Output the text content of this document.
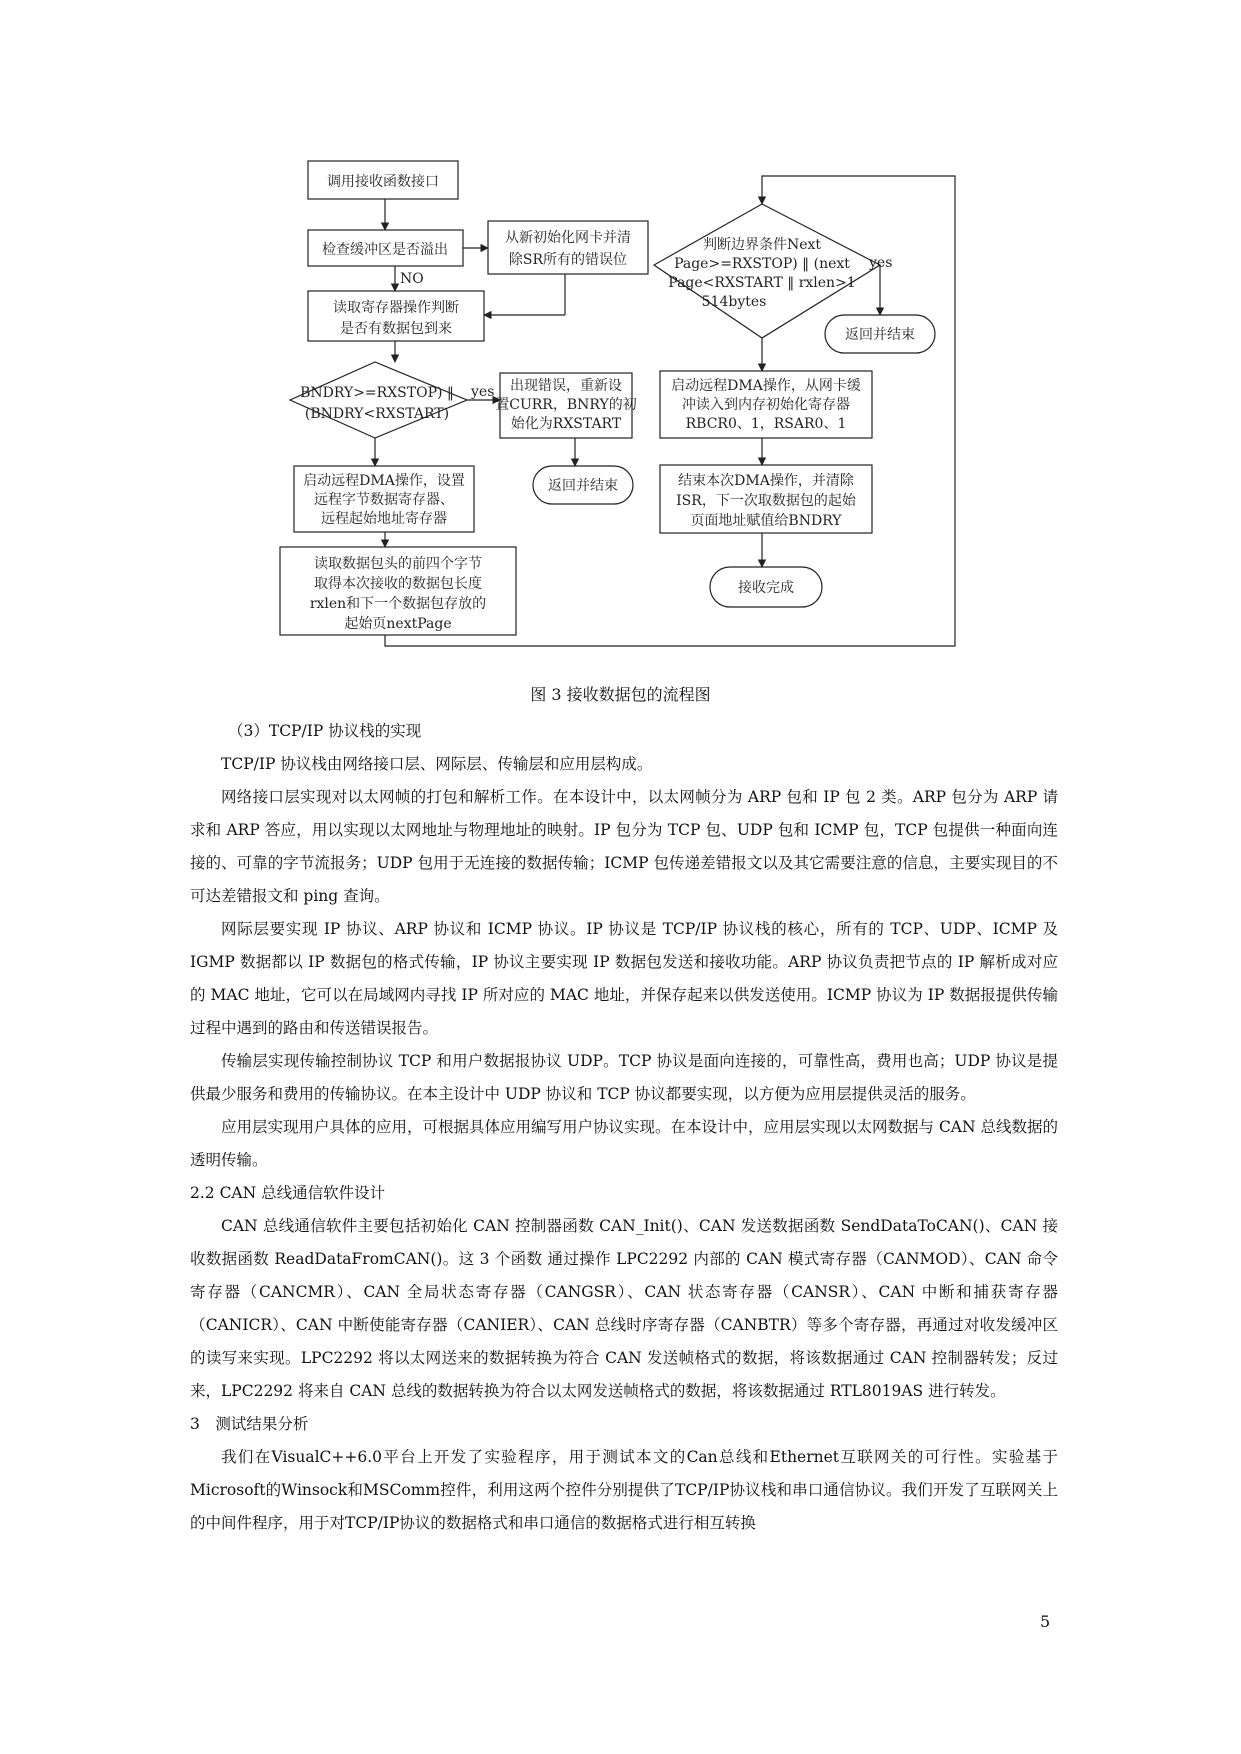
调用接收函数接口
检查缓冲区是否溢出
从新初始化网卡并清
除SR所有的错误位
读取寄存器操作判断
是否有数据包到来
BNDRY>=RXSTOP) ‖
(BNDRY<RXSTART)
出现错误，重新设
置CURR，BNRY的初
始化为RXSTART
返回并结束
启动远程DMA操作，设置
远程字节数据寄存器、
远程起始地址寄存器
读取数据包头的前四个字节
取得本次接收的数据包长度
rxlen和下一个数据包存放的
起始页nextPage
判断边界条件Next
Page>=RXSTOP) ‖ (next
Page<RXSTART ‖ rxlen>1
514bytes
返回并结束
启动远程DMA操作，从网卡缓
冲读入到内存初始化寄存器
RBCR0、1，RSAR0、1
结束本次DMA操作，并清除
ISR，下一次取数据包的起始
页面地址赋值给BNDRY
接收完成
NO
yes
yes
图 3 接收数据包的流程图

（3）TCP/IP 协议栈的实现

TCP/IP 协议栈由网络接口层、网际层、传输层和应用层构成。

网络接口层实现对以太网帧的打包和解析工作。在本设计中，以太网帧分为 ARP 包和 IP 包 2 类。ARP 包分为 ARP 请求和 ARP 答应，用以实现以太网地址与物理地址的映射。IP 包分为 TCP 包、UDP 包和 ICMP 包，TCP 包提供一种面向连接的、可靠的字节流报务；UDP 包用于无连接的数据传输；ICMP 包传递差错报文以及其它需要注意的信息，主要实现目的不可达差错报文和 ping 查询。

网际层要实现 IP 协议、ARP 协议和 ICMP 协议。IP 协议是 TCP/IP 协议栈的核心，所有的 TCP、UDP、ICMP 及 IGMP 数据都以 IP 数据包的格式传输，IP 协议主要实现 IP 数据包发送和接收功能。ARP 协议负责把节点的 IP 解析成对应的 MAC 地址，它可以在局域网内寻找 IP 所对应的 MAC 地址，并保存起来以供发送使用。ICMP 协议为 IP 数据报提供传输过程中遇到的路由和传送错误报告。

传输层实现传输控制协议 TCP 和用户数据报协议 UDP。TCP 协议是面向连接的，可靠性高，费用也高；UDP 协议是提供最少服务和费用的传输协议。在本主设计中 UDP 协议和 TCP 协议都要实现，以方便为应用层提供灵活的服务。

应用层实现用户具体的应用，可根据具体应用编写用户协议实现。在本设计中，应用层实现以太网数据与 CAN 总线数据的透明传输。

2.2 CAN 总线通信软件设计

CAN 总线通信软件主要包括初始化 CAN 控制器函数 CAN_Init()、CAN 发送数据函数 SendDataToCAN()、CAN 接收数据函数 ReadDataFromCAN()。这 3 个函数 通过操作 LPC2292 内部的 CAN 模式寄存器（CANMOD）、CAN 命令寄存器（CANCMR）、CAN 全局状态寄存器（CANGSR）、CAN 状态寄存器（CANSR）、CAN 中断和捕获寄存器（CANICR）、CAN 中断使能寄存器（CANIER）、CAN 总线时序寄存器（CANBTR）等多个寄存器，再通过对收发缓冲区的读写来实现。LPC2292 将以太网送来的数据转换为符合 CAN 发送帧格式的数据，将该数据通过 CAN 控制器转发；反过来，LPC2292 将来自 CAN 总线的数据转换为符合以太网发送帧格式的数据，将该数据通过 RTL8019AS 进行转发。

3　测试结果分析

我们在VisualC++6.0平台上开发了实验程序，用于测试本文的Can总线和Ethernet互联网关的可行性。实验基于Microsoft的Winsock和MSComm控件，利用这两个控件分别提供了TCP/IP协议栈和串口通信协议。我们开发了互联网关上的中间件程序，用于对TCP/IP协议的数据格式和串口通信的数据格式进行相互转换

5
